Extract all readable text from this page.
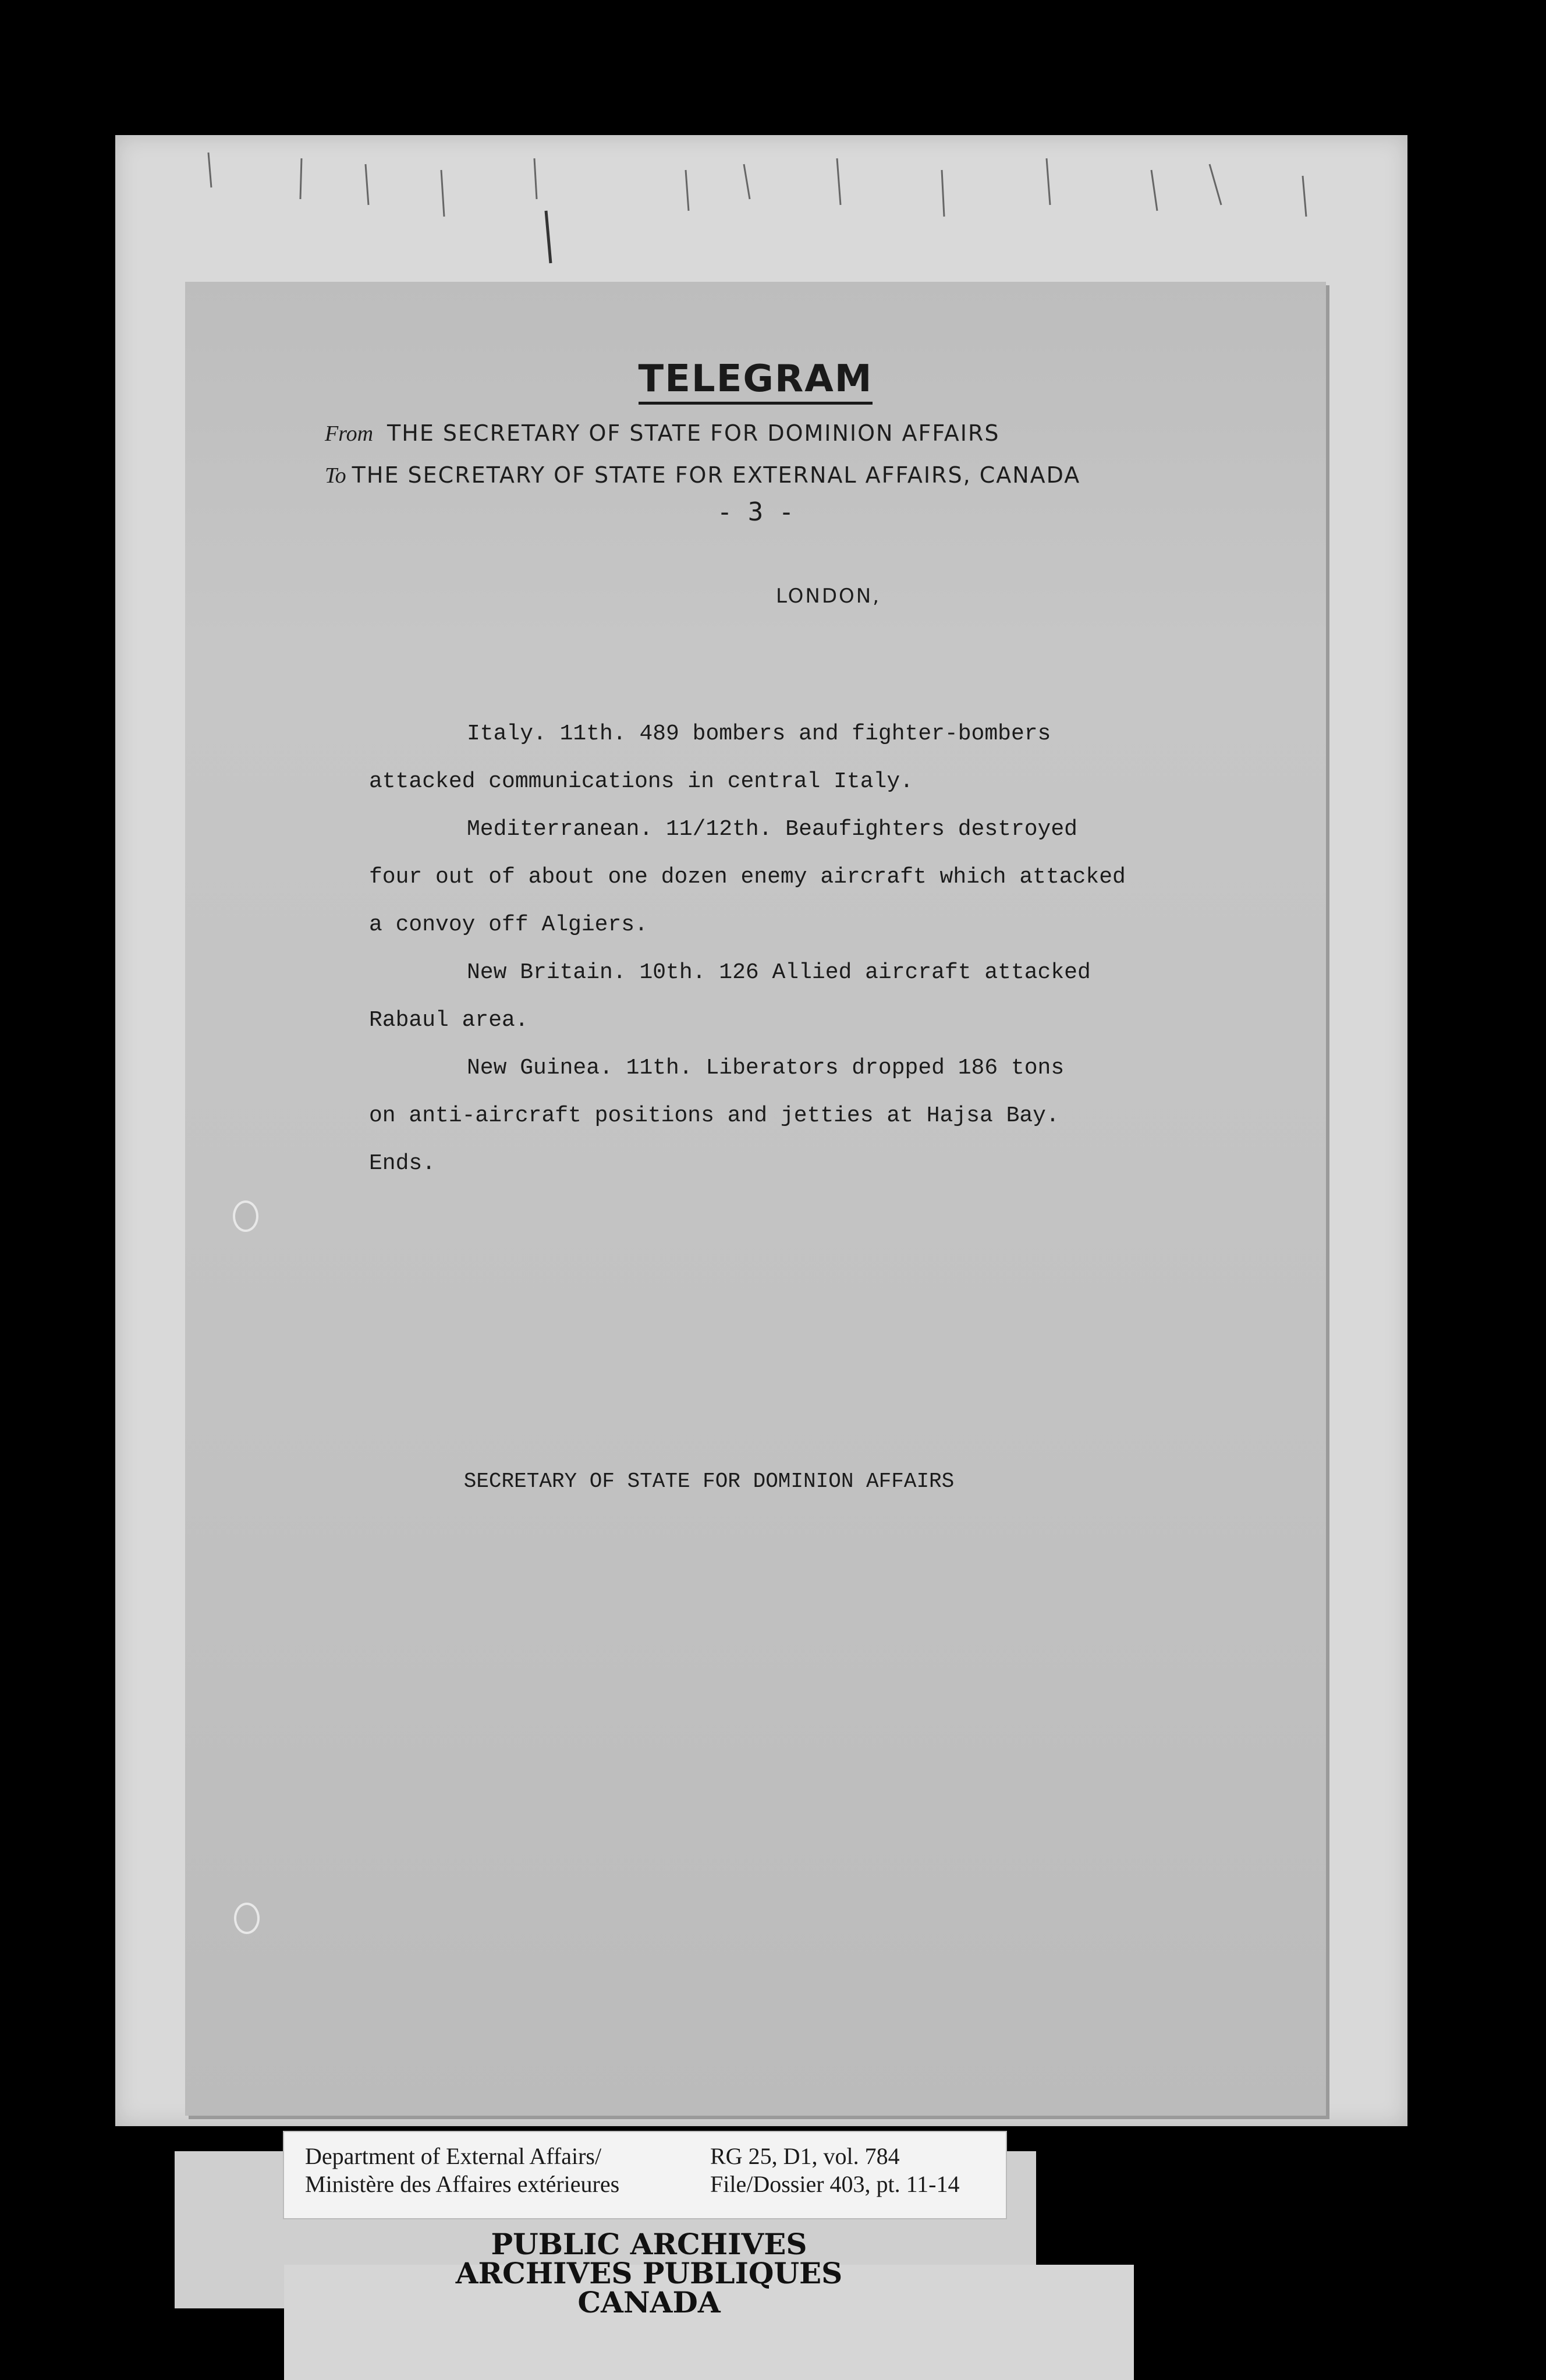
TELEGRAM
From THE SECRETARY OF STATE FOR DOMINION AFFAIRS
To THE SECRETARY OF STATE FOR EXTERNAL AFFAIRS, CANADA
- 3 -
LONDON,

Italy. 11th. 489 bombers and fighter-bombers

attacked communications in central Italy.

Mediterranean. 11/12th. Beaufighters destroyed

four out of about one dozen enemy aircraft which attacked

a convoy off Algiers.

New Britain. 10th. 126 Allied aircraft attacked

Rabaul area.

New Guinea. 11th. Liberators dropped 186 tons

on anti-aircraft positions and jetties at Hajsa Bay.

Ends.

SECRETARY OF STATE FOR DOMINION AFFAIRS
Department of External Affairs/
Ministère des Affaires extérieures
RG 25, D1, vol. 784
File/Dossier 403, pt. 11-14
PUBLIC ARCHIVES
ARCHIVES PUBLIQUES
CANADA
